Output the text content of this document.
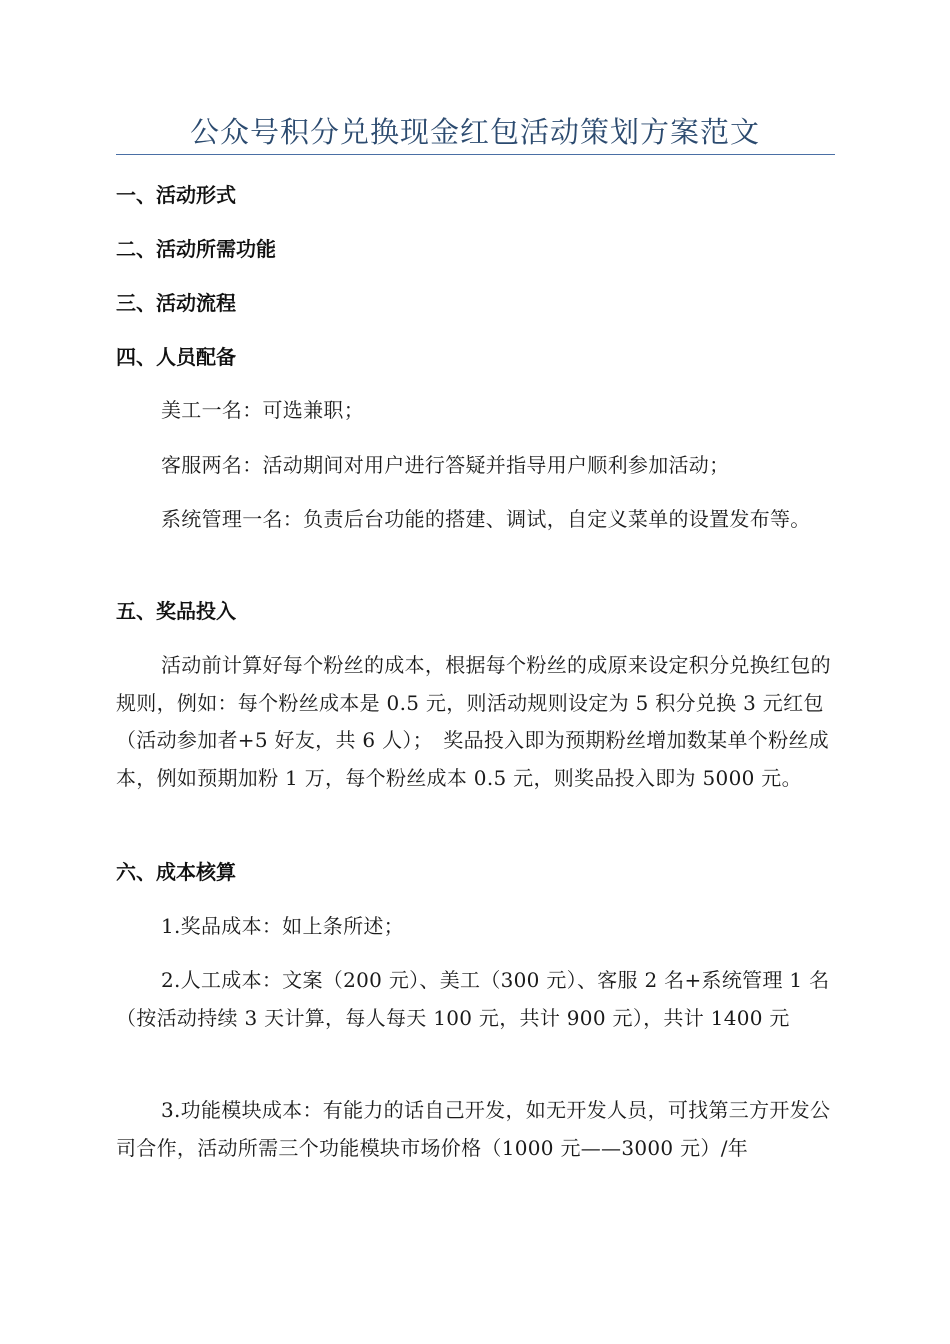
公众号积分兑换现金红包活动策划方案范文
一、活动形式
二、活动所需功能
三、活动流程
四、人员配备

美工一名：可选兼职；

客服两名：活动期间对用户进行答疑并指导用户顺利参加活动；

系统管理一名：负责后台功能的搭建、调试，自定义菜单的设置发布等。

五、奖品投入

活动前计算好每个粉丝的成本，根据每个粉丝的成原来设定积分兑换红包的规则，例如：每个粉丝成本是 0.5 元，则活动规则设定为 5 积分兑换 3 元红包（活动参加者+5 好友，共 6 人）；　奖品投入即为预期粉丝增加数某单个粉丝成本，例如预期加粉 1 万，每个粉丝成本 0.5 元，则奖品投入即为 5000 元。

六、成本核算

1.奖品成本：如上条所述；

2.人工成本：文案（200 元）、美工（300 元）、客服 2 名+系统管理 1 名（按活动持续 3 天计算，每人每天 100 元，共计 900 元），共计 1400 元

3.功能模块成本：有能力的话自己开发，如无开发人员，可找第三方开发公司合作，活动所需三个功能模块市场价格（1000 元——3000 元）/年
